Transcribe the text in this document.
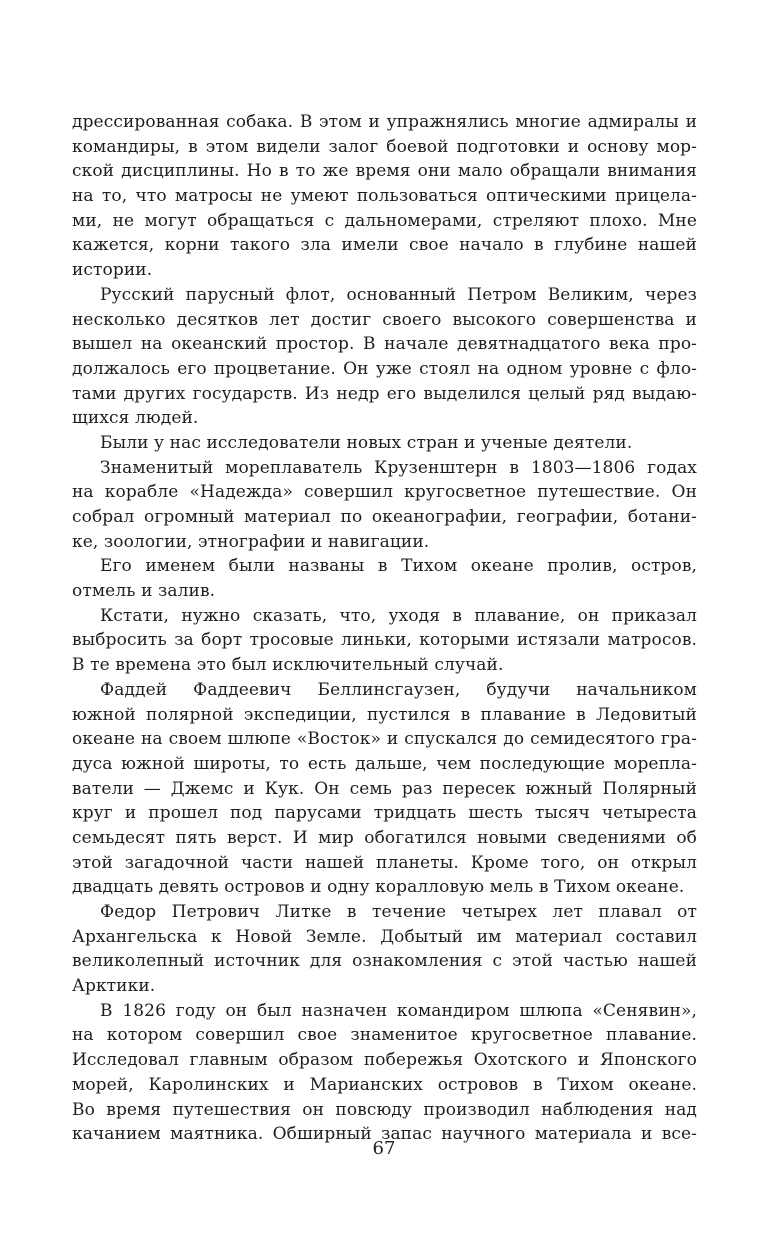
дрессированная собака. В этом и упражнялись многие адмиралы и
командиры, в этом видели залог боевой подготовки и основу мор-
ской дисциплины. Но в то же время они мало обращали внимания
на то, что матросы не умеют пользоваться оптическими прицела-
ми, не могут обращаться с дальномерами, стреляют плохо. Мне
кажется, корни такого зла имели свое начало в глубине нашей
истории.
Русский парусный флот, основанный Петром Великим, через
несколько десятков лет достиг своего высокого совершенства и
вышел на океанский простор. В начале девятнадцатого века про-
должалось его процветание. Он уже стоял на одном уровне с фло-
тами других государств. Из недр его выделился целый ряд выдаю-
щихся людей.
Были у нас исследователи новых стран и ученые деятели.
Знаменитый мореплаватель Крузенштерн в 1803—1806 годах
на корабле «Надежда» совершил кругосветное путешествие. Он
собрал огромный материал по океанографии, географии, ботани-
ке, зоологии, этнографии и навигации.
Его именем были названы в Тихом океане пролив, остров,
отмель и залив.
Кстати, нужно сказать, что, уходя в плавание, он приказал
выбросить за борт тросовые линьки, которыми истязали матросов.
В те времена это был исключительный случай.
Фаддей Фаддеевич Беллинсгаузен, будучи начальником
южной полярной экспедиции, пустился в плавание в Ледовитый
океане на своем шлюпе «Восток» и спускался до семидесятого гра-
дуса южной широты, то есть дальше, чем последующие морепла-
ватели — Джемс и Кук. Он семь раз пересек южный Полярный
круг и прошел под парусами тридцать шесть тысяч четыреста
семьдесят пять верст. И мир обогатился новыми сведениями об
этой загадочной части нашей планеты. Кроме того, он открыл
двадцать девять островов и одну коралловую мель в Тихом океане.
Федор Петрович Литке в течение четырех лет плавал от
Архангельска к Новой Земле. Добытый им материал составил
великолепный источник для ознакомления с этой частью нашей
Арктики.
В 1826 году он был назначен командиром шлюпа «Сенявин»,
на котором совершил свое знаменитое кругосветное плавание.
Исследовал главным образом побережья Охотского и Японского
морей, Каролинских и Марианских островов в Тихом океане.
Во время путешествия он повсюду производил наблюдения над
качанием маятника. Обширный запас научного материала и все-
67
